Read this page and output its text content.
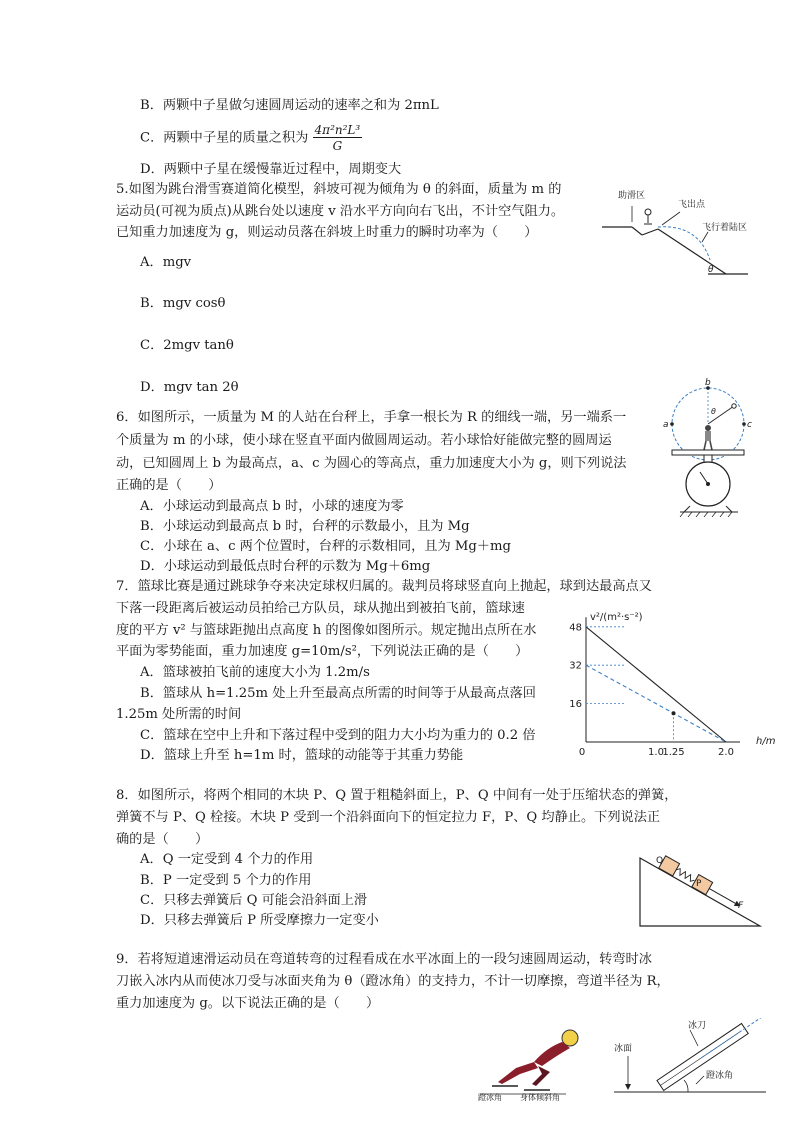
B．两颗中子星做匀速圆周运动的速率之和为 2πnL
C．两颗中子星的质量之积为 $\frac{\text{4π²n²L³}}{G}$
D．两颗中子星在缓慢靠近过程中，周期变大
5.如图为跳台滑雪赛道简化模型，斜坡可视为倾角为 θ 的斜面，质量为 m 的
运动员(可视为质点)从跳台处以速度 v 沿水平方向向右飞出，不计空气阻力。
已知重力加速度为 g，则运动员落在斜坡上时重力的瞬时功率为（　　）
A．mgv
B．mgv cosθ
C．2mgv tanθ
D．mgv tan 2θ
助滑区
飞出点
飞行着陆区
θ
6．如图所示，一质量为 M 的人站在台秤上，手拿一根长为 R 的细线一端，另一端系一
个质量为 m 的小球，使小球在竖直平面内做圆周运动。若小球恰好能做完整的圆周运
动，已知圆周上 b 为最高点，a、c 为圆心的等高点，重力加速度大小为 g，则下列说法
正确的是（　　）
A．小球运动到最高点 b 时，小球的速度为零
B．小球运动到最高点 b 时，台秤的示数最小，且为 Mg
C．小球在 a、c 两个位置时，台秤的示数相同，且为 Mg＋mg
D．小球运动到最低点时台秤的示数为 Mg＋6mg
a
b
c
θ
7．篮球比赛是通过跳球争夺来决定球权归属的。裁判员将球竖直向上抛起，球到达最高点又
下落一段距离后被运动员拍给己方队员，球从抛出到被拍飞前，篮球速
度的平方 v² 与篮球距抛出点高度 h 的图像如图所示。规定抛出点所在水
平面为零势能面，重力加速度 g=10m/s²，下列说法正确的是（　　）
A．篮球被拍飞前的速度大小为 1.2m/s
B．篮球从 h=1.25m 处上升至最高点所需的时间等于从最高点落回
1.25m 处所需的时间
C．篮球在空中上升和下落过程中受到的阻力大小均为重力的 0.2 倍
D．篮球上升至 h=1m 时，篮球的动能等于其重力势能
v²/(m²·s⁻²)
h/m
0
16
32
48
1.0
1.25	2.0
8．如图所示，将两个相同的木块 P、Q 置于粗糙斜面上，P、Q 中间有一处于压缩状态的弹簧，
弹簧不与 P、Q 栓接。木块 P 受到一个沿斜面向下的恒定拉力 F，P、Q 均静止。下列说法正
确的是（　　）
A．Q 一定受到 4 个力的作用
B．P 一定受到 5 个力的作用
C．只移去弹簧后 Q 可能会沿斜面上滑
D．只移去弹簧后 P 所受摩擦力一定变小
Q
P
F
9．若将短道速滑运动员在弯道转弯的过程看成在水平冰面上的一段匀速圆周运动，转弯时冰
刀嵌入冰内从而使冰刀受与冰面夹角为 θ（蹬冰角）的支持力，不计一切摩擦，弯道半径为 R，
重力加速度为 g。以下说法正确的是（　　）
蹬冰角 身体倾斜角
冰面
冰刀
蹬冰角
